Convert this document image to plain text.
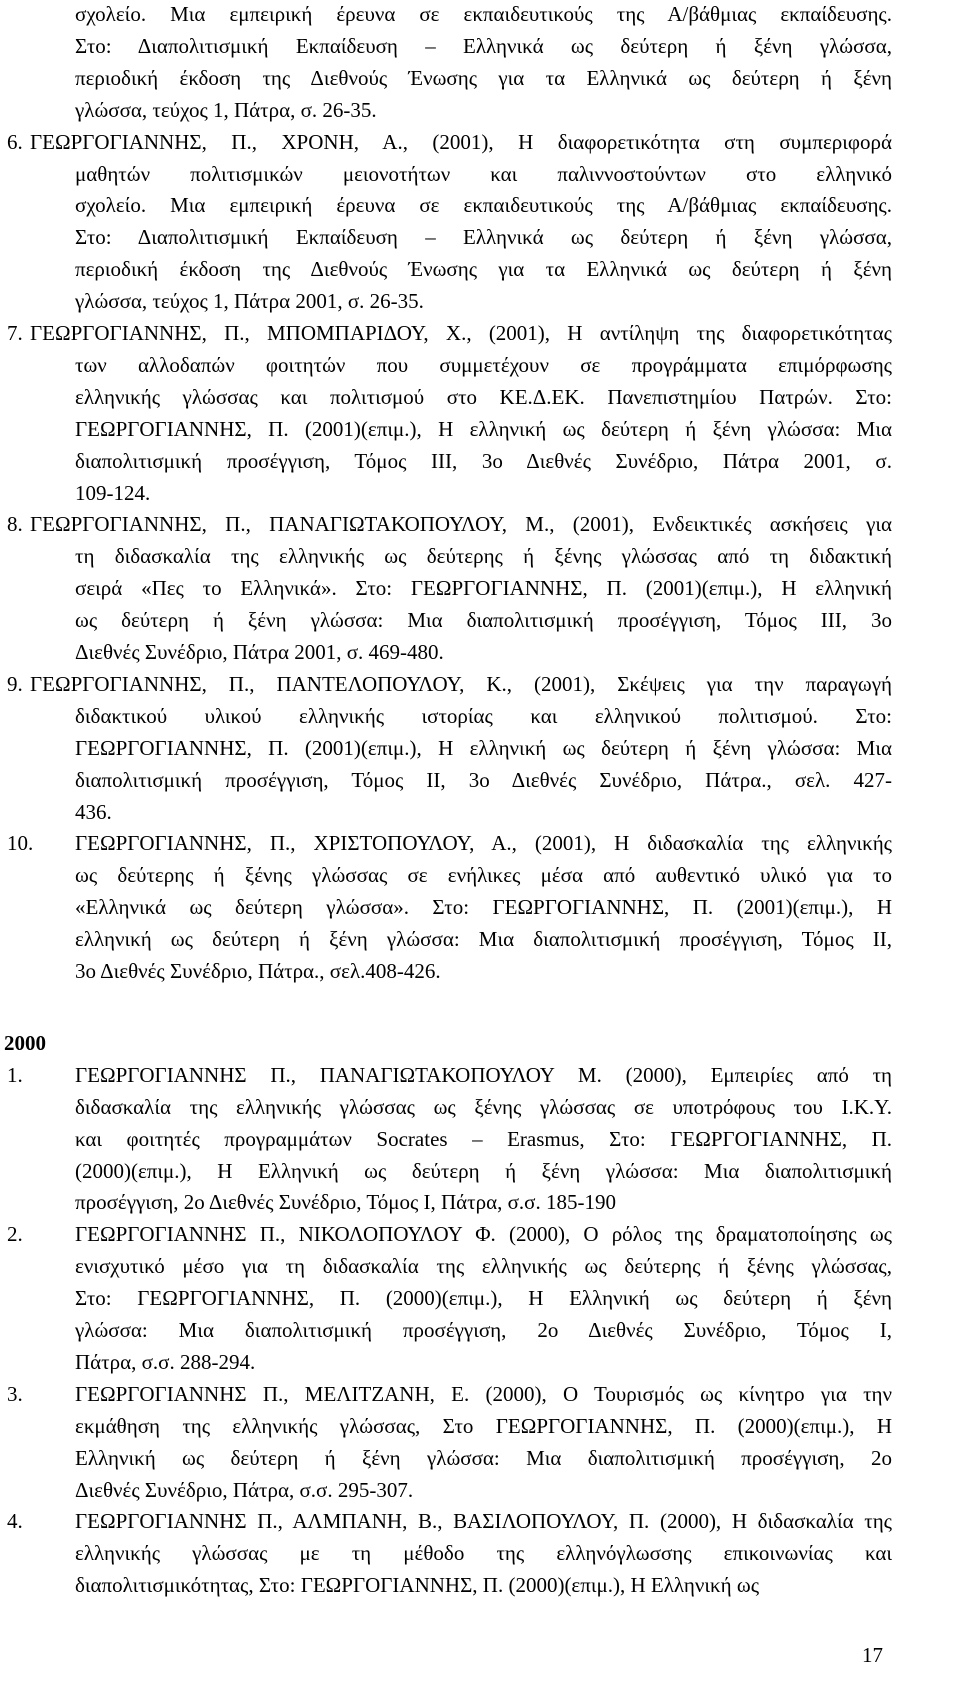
σχολείο. Μια εμπειρική έρευνα σε εκπαιδευτικούς της Α/βάθμιας εκπαίδευσης.
Στο: Διαπολιτισμική Εκπαίδευση – Ελληνικά ως δεύτερη ή ξένη γλώσσα,
περιοδική έκδοση της Διεθνούς Ένωσης για τα Ελληνικά ως δεύτερη ή ξένη
γλώσσα, τεύχος 1, Πάτρα, σ. 26-35.
6. ΓΕΩΡΓΟΓΙΑΝΝΗΣ, Π., ΧΡΟΝΗ, Α., (2001), Η διαφορετικότητα στη συμπεριφορά
μαθητών πολιτισμικών μειονοτήτων και παλιννοστούντων στο ελληνικό
σχολείο. Μια εμπειρική έρευνα σε εκπαιδευτικούς της Α/βάθμιας εκπαίδευσης.
Στο: Διαπολιτισμική Εκπαίδευση – Ελληνικά ως δεύτερη ή ξένη γλώσσα,
περιοδική έκδοση της Διεθνούς Ένωσης για τα Ελληνικά ως δεύτερη ή ξένη
γλώσσα, τεύχος 1, Πάτρα 2001, σ. 26-35.
7. ΓΕΩΡΓΟΓΙΑΝΝΗΣ, Π., ΜΠΟΜΠΑΡΙΔΟΥ, Χ., (2001), Η αντίληψη της διαφορετικότητας
των αλλοδαπών φοιτητών που συμμετέχουν σε προγράμματα επιμόρφωσης
ελληνικής γλώσσας και πολιτισμού στο ΚΕ.Δ.ΕΚ. Πανεπιστημίου Πατρών. Στο:
ΓΕΩΡΓΟΓΙΑΝΝΗΣ, Π. (2001)(επιμ.), Η ελληνική ως δεύτερη ή ξένη γλώσσα: Μια
διαπολιτισμική προσέγγιση, Τόμος ΙΙΙ, 3ο Διεθνές Συνέδριο, Πάτρα 2001, σ.
109-124.
8. ΓΕΩΡΓΟΓΙΑΝΝΗΣ, Π., ΠΑΝΑΓΙΩΤΑΚΟΠΟΥΛΟΥ, Μ., (2001), Ενδεικτικές ασκήσεις για
τη διδασκαλία της ελληνικής ως δεύτερης ή ξένης γλώσσας από τη διδακτική
σειρά «Πες το Ελληνικά». Στο: ΓΕΩΡΓΟΓΙΑΝΝΗΣ, Π. (2001)(επιμ.), Η ελληνική
ως δεύτερη ή ξένη γλώσσα: Μια διαπολιτισμική προσέγγιση, Τόμος ΙΙΙ, 3ο
Διεθνές Συνέδριο, Πάτρα 2001, σ. 469-480.
9. ΓΕΩΡΓΟΓΙΑΝΝΗΣ, Π., ΠΑΝΤΕΛΟΠΟΥΛΟΥ, Κ., (2001), Σκέψεις για την παραγωγή
διδακτικού υλικού ελληνικής ιστορίας και ελληνικού πολιτισμού. Στο:
ΓΕΩΡΓΟΓΙΑΝΝΗΣ, Π. (2001)(επιμ.), Η ελληνική ως δεύτερη ή ξένη γλώσσα: Μια
διαπολιτισμική προσέγγιση, Τόμος ΙΙ, 3ο Διεθνές Συνέδριο, Πάτρα., σελ. 427-
436.
10. ΓΕΩΡΓΟΓΙΑΝΝΗΣ, Π., ΧΡΙΣΤΟΠΟΥΛΟΥ, Α., (2001), Η διδασκαλία της ελληνικής
ως δεύτερης ή ξένης γλώσσας σε ενήλικες μέσα από αυθεντικό υλικό για το
«Ελληνικά ως δεύτερη γλώσσα». Στο: ΓΕΩΡΓΟΓΙΑΝΝΗΣ, Π. (2001)(επιμ.), Η
ελληνική ως δεύτερη ή ξένη γλώσσα: Μια διαπολιτισμική προσέγγιση, Τόμος ΙΙ,
3ο Διεθνές Συνέδριο, Πάτρα., σελ.408-426.
2000
1. ΓΕΩΡΓΟΓΙΑΝΝΗΣ Π., ΠΑΝΑΓΙΩΤΑΚΟΠΟΥΛΟΥ Μ. (2000), Εμπειρίες από τη
διδασκαλία της ελληνικής γλώσσας ως ξένης γλώσσας σε υποτρόφους του Ι.Κ.Υ.
και φοιτητές προγραμμάτων Socrates – Erasmus, Στο: ΓΕΩΡΓΟΓΙΑΝΝΗΣ, Π.
(2000)(επιμ.), Η Ελληνική ως δεύτερη ή ξένη γλώσσα: Μια διαπολιτισμική
προσέγγιση, 2ο Διεθνές Συνέδριο, Τόμος Ι, Πάτρα, σ.σ. 185-190
2. ΓΕΩΡΓΟΓΙΑΝΝΗΣ Π., ΝΙΚΟΛΟΠΟΥΛΟΥ Φ. (2000), Ο ρόλος της δραματοποίησης ως
ενισχυτικό μέσο για τη διδασκαλία της ελληνικής ως δεύτερης ή ξένης γλώσσας,
Στο: ΓΕΩΡΓΟΓΙΑΝΝΗΣ, Π. (2000)(επιμ.), Η Ελληνική ως δεύτερη ή ξένη
γλώσσα: Μια διαπολιτισμική προσέγγιση, 2ο Διεθνές Συνέδριο, Τόμος Ι,
Πάτρα, σ.σ. 288-294.
3. ΓΕΩΡΓΟΓΙΑΝΝΗΣ Π., ΜΕΛΙΤΖΑΝΗ, Ε. (2000), Ο Τουρισμός ως κίνητρο για την
εκμάθηση της ελληνικής γλώσσας, Στο ΓΕΩΡΓΟΓΙΑΝΝΗΣ, Π. (2000)(επιμ.), Η
Ελληνική ως δεύτερη ή ξένη γλώσσα: Μια διαπολιτισμική προσέγγιση, 2ο
Διεθνές Συνέδριο, Πάτρα, σ.σ. 295-307.
4. ΓΕΩΡΓΟΓΙΑΝΝΗΣ Π., ΑΛΜΠΑΝΗ, Β., ΒΑΣΙΛΟΠΟΥΛΟΥ, Π. (2000), Η διδασκαλία της
ελληνικής γλώσσας με τη μέθοδο της ελληνόγλωσσης επικοινωνίας και
διαπολιτισμικότητας, Στο: ΓΕΩΡΓΟΓΙΑΝΝΗΣ, Π. (2000)(επιμ.), Η Ελληνική ως
17
